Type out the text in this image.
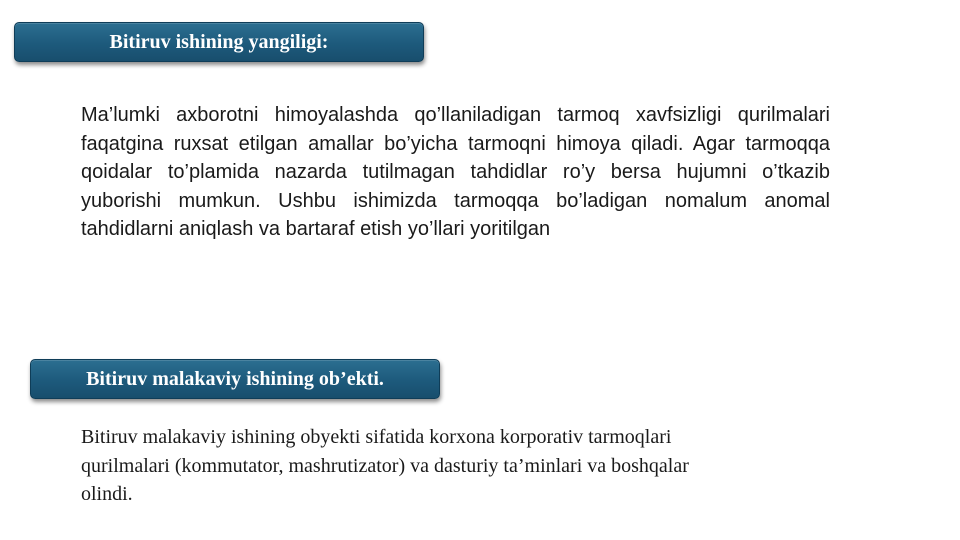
Bitiruv ishining yangiligi:

Ma’lumki axborotni himoyalashda qo’llaniladigan tarmoq xavfsizligi qurilmalari faqatgina ruxsat etilgan amallar bo’yicha tarmoqni himoya qiladi. Agar tarmoqqa qoidalar to’plamida nazarda tutilmagan tahdidlar ro’y bersa hujumni o’tkazib yuborishi mumkun. Ushbu ishimizda tarmoqqa bo’ladigan nomalum anomal tahdidlarni aniqlash va bartaraf etish yo’llari yoritilgan

Bitiruv malakaviy ishining ob’ekti.

Bitiruv malakaviy ishining obyekti sifatida korxona korporativ tarmoqlari
qurilmalari (kommutator, mashrutizator) va dasturiy ta’minlari va boshqalar
olindi.
